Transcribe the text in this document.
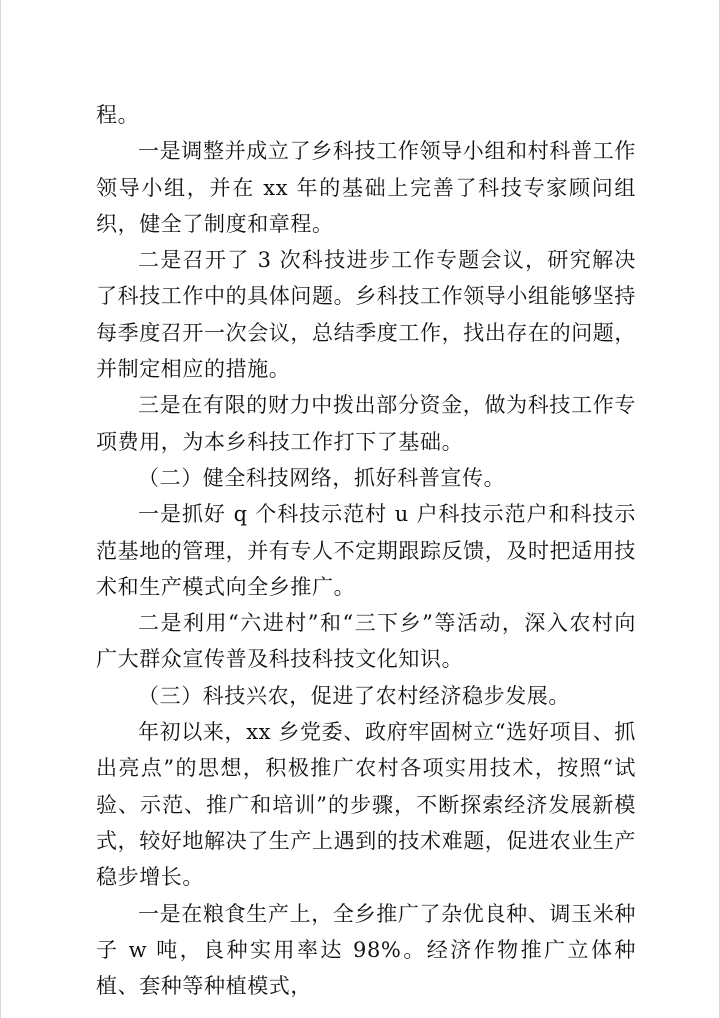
程。

一是调整并成立了乡科技工作领导小组和村科普工作领导小组，并在 xx 年的基础上完善了科技专家顾问组织，健全了制度和章程。

二是召开了 3 次科技进步工作专题会议，研究解决了科技工作中的具体问题。乡科技工作领导小组能够坚持每季度召开一次会议，总结季度工作，找出存在的问题，并制定相应的措施。

三是在有限的财力中拨出部分资金，做为科技工作专项费用，为本乡科技工作打下了基础。

（二）健全科技网络，抓好科普宣传。

一是抓好 q 个科技示范村 u 户科技示范户和科技示范基地的管理，并有专人不定期跟踪反馈，及时把适用技术和生产模式向全乡推广。

二是利用“六进村”和“三下乡”等活动，深入农村向广大群众宣传普及科技科技文化知识。

（三）科技兴农，促进了农村经济稳步发展。

年初以来，xx 乡党委、政府牢固树立“选好项目、抓出亮点”的思想，积极推广农村各项实用技术，按照“试验、示范、推广和培训”的步骤，不断探索经济发展新模式，较好地解决了生产上遇到的技术难题，促进农业生产稳步增长。

一是在粮食生产上，全乡推广了杂优良种、调玉米种子 w 吨，良种实用率达 98%。经济作物推广立体种植、套种等种植模式，
